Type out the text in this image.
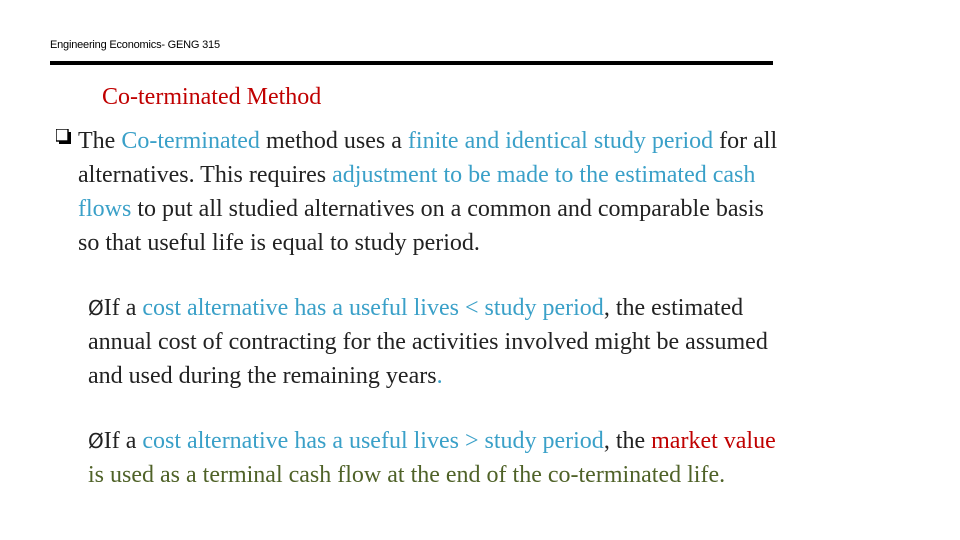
Engineering Economics- GENG 315
Co-terminated Method
The Co-terminated method uses a finite and identical study period for all
alternatives. This requires adjustment to be made to the estimated cash
flows to put all studied alternatives on a common and comparable basis
so that useful life is equal to study period.
ØIf a cost alternative has a useful lives < study period, the estimated
annual cost of contracting for the activities involved might be assumed
and used during the remaining years.
ØIf a cost alternative has a useful lives > study period, the market value
is used as a terminal cash flow at the end of the co-terminated life.
